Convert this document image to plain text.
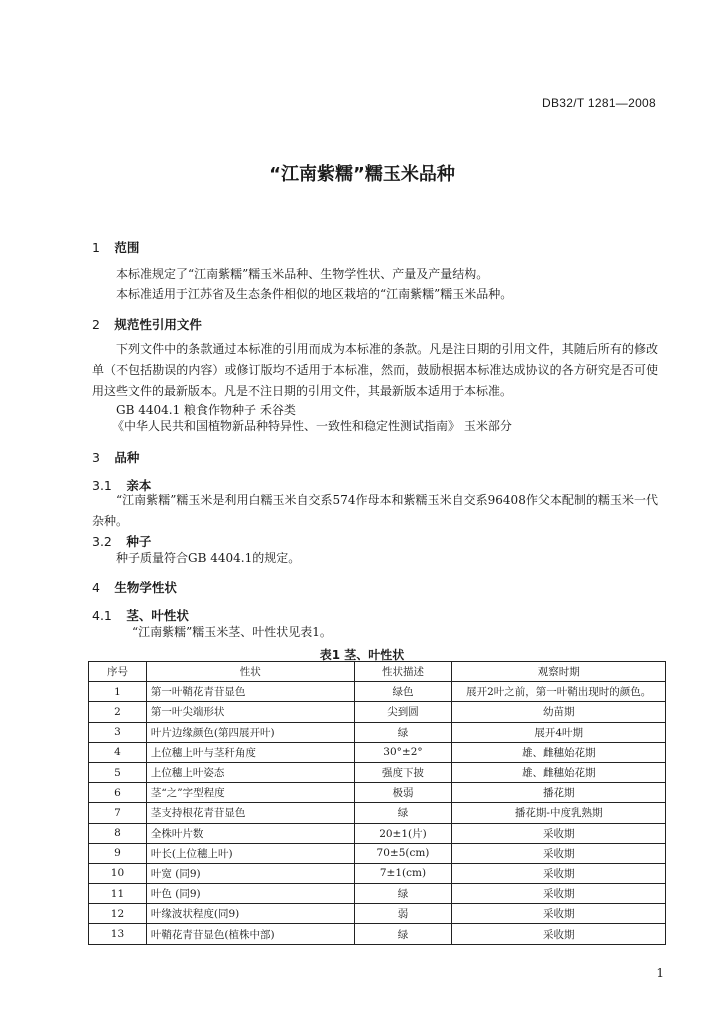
DB32/T 1281—2008
“江南紫糯”糯玉米品种
1 范围
本标准规定了“江南紫糯”糯玉米品种、生物学性状、产量及产量结构。
本标准适用于江苏省及生态条件相似的地区栽培的“江南紫糯”糯玉米品种。
2 规范性引用文件
下列文件中的条款通过本标准的引用而成为本标准的条款。凡是注日期的引用文件，其随后所有的修改单（不包括勘误的内容）或修订版均不适用于本标准，然而，鼓励根据本标准达成协议的各方研究是否可使用这些文件的最新版本。凡是不注日期的引用文件，其最新版本适用于本标准。
GB 4404.1 粮食作物种子 禾谷类
《中华人民共和国植物新品种特异性、一致性和稳定性测试指南》 玉米部分
3 品种
3.1 亲本
“江南紫糯”糯玉米是利用白糯玉米自交系574作母本和紫糯玉米自交系96408作父本配制的糯玉米一代杂种。
3.2 种子
种子质量符合GB 4404.1的规定。
4 生物学性状
4.1 茎、叶性状
“江南紫糯”糯玉米茎、叶性状见表1。
表1 茎、叶性状
序号	性状	性状描述	观察时期
1	第一叶鞘花青苷显色	绿色	展开2叶之前，第一叶鞘出现时的颜色。
2	第一叶尖端形状	尖到圆	幼苗期
3	叶片边缘颜色(第四展开叶)	绿	展开4叶期
4	上位穗上叶与茎秆角度	30°±2°	雄、雌穗始花期
5	上位穗上叶姿态	强度下披	雄、雌穗始花期
6	茎“之”字型程度	极弱	播花期
7	茎支持根花青苷显色	绿	播花期-中度乳熟期
8	全株叶片数	20±1(片)	采收期
9	叶长(上位穗上叶)	70±5(cm)	采收期
10	叶宽 (同9)	7±1(cm)	采收期
11	叶色 (同9)	绿	采收期
12	叶缘波状程度(同9)	弱	采收期
13	叶鞘花青苷显色(植株中部)	绿	采收期
1
